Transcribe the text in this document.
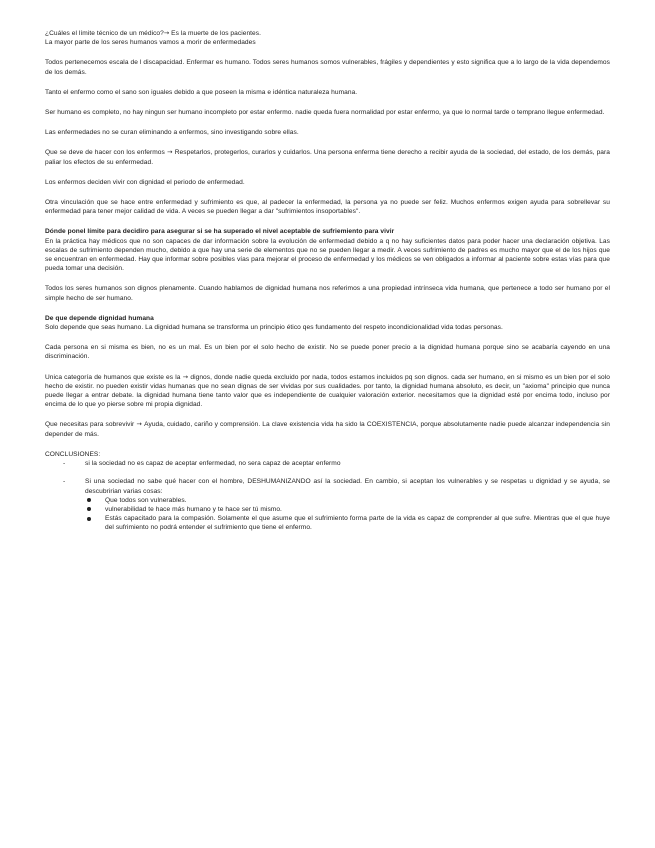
¿Cuáles el límite técnico de un médico?→ Es la muerte de los pacientes.
La mayor parte de los seres humanos vamos a morir de enfermedades

Todos pertenecemos escala de l discapacidad. Enfermar es humano. Todos seres humanos somos vulnerables, frágiles y dependientes y esto significa que a lo largo de la vida dependemos de los demás.

Tanto el enfermo como el sano son iguales debido a que poseen la misma e idéntica naturaleza humana.

Ser humano es completo, no hay ningun ser humano incompleto por estar enfermo. nadie queda fuera normalidad por estar enfermo, ya que lo normal tarde o temprano llegue enfermedad.

Las enfermedades no se curan eliminando a enfermos, sino investigando sobre ellas.

Que se deve de hacer con los enfermos → Respetarlos, protegerlos, curarlos y cuidarlos. Una persona enferma tiene derecho a recibir ayuda de la sociedad, del estado, de los demás, para paliar los efectos de su enfermedad.

Los enfermos deciden vivir con dignidad el periodo de enfermedad.

Otra vinculación que se hace entre enfermedad y sufrimiento es que, al padecer la enfermedad, la persona ya no puede ser feliz. Muchos enfermos exigen ayuda para sobrellevar su enfermedad para tener mejor calidad de vida. A veces se pueden llegar a dar "sufrimientos insoportables".

Dónde ponel límite para decidiro para asegurar si se ha superado el nivel aceptable de sufriemiento para vivir

En la práctica hay médicos que no son capaces de dar información sobre la evolución de enfermedad debido a q no hay suficientes datos para poder hacer una declaración objetiva. Las escalas de sufrimiento dependen mucho, debido a que hay una serie de elementos que no se pueden llegar a medir. A veces sufrimiento de padres es mucho mayor que el de los hijos que se encuentran en enfermedad. Hay que informar sobre posibles vías para mejorar el proceso de enfermedad y los médicos se ven obligados a informar al paciente sobre estas vías para que pueda tomar una decisión.

Todos los seres humanos son dignos plenamente. Cuando hablamos de dignidad humana nos referimos a una propiedad intrínseca vida humana, que pertenece a todo ser humano por el simple hecho de ser humano.

De que depende dignidad humana

Solo depende que seas humano. La dignidad humana se transforma un principio ético qes fundamento del respeto incondicionalidad vida todas personas.

Cada persona en si misma es bien, no es un mal. Es un bien por el solo hecho de existir. No se puede poner precio a la dignidad humana porque sino se acabaría cayendo en una discriminación.

Unica categoría de humanos que existe es la → dignos, donde nadie queda excluido por nada, todos estamos incluidos pq son dignos. cada ser humano, en si mismo es un bien por el solo hecho de existir. no pueden existir vidas humanas que no sean dignas de ser vividas por sus cualidades. por tanto, la dignidad humana absoluto, es decir, un "axioma" principio que nunca puede llegar a entrar debate. la dignidad humana tiene tanto valor que es independiente de cualquier valoración exterior. necesitamos que la dignidad esté por encima todo, incluso por encima de lo que yo pierse sobre mi propia dignidad.

Que necesitas para sobrevivir → Ayuda, cuidado, cariño y comprensión. La clave existencia vida ha sido la COEXISTENCIA, porque absolutamente nadie puede alcanzar independencia sin depender de más.

CONCLUSIONES:

-	si la sociedad no es capaz de aceptar enfermedad, no sera capaz de aceptar enfermo
-	Si una sociedad no sabe qué hacer con el hombre, DESHUMANIZANDO así la sociedad. En cambio, si aceptan los vulnerables y se respetas u dignidad y se ayuda, se descubririan varias cosas:
Que todos son vulnerables.
vulnerabilidad te hace más humano y te hace ser tú mismo.
Estás capacitado para la compasión. Solamente el que asume que el sufrimiento forma parte de la vida es capaz de comprender al que sufre. Mientras que el que huye del sufrimiento no podrá entender el sufrimiento que tiene el enfermo.
